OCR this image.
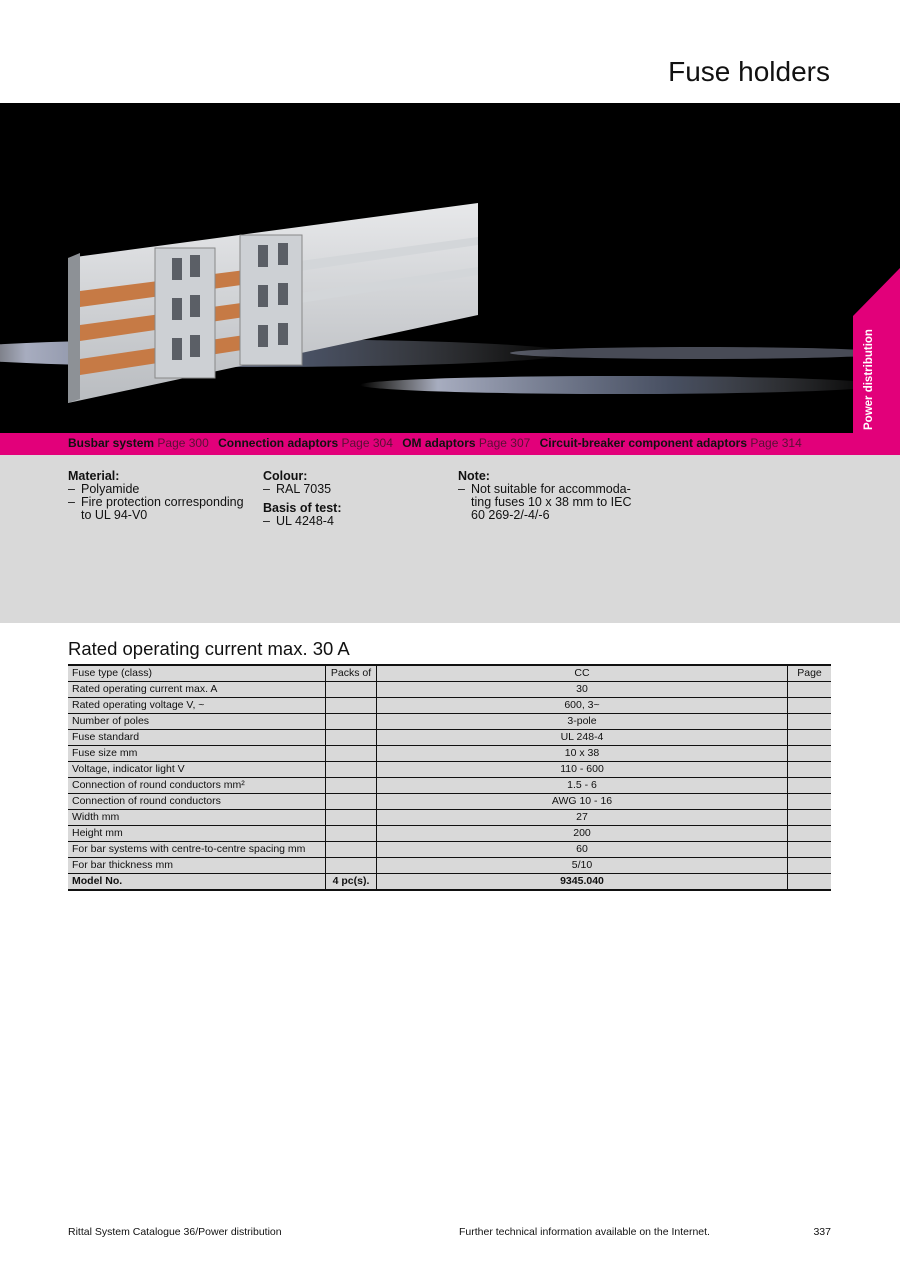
Fuse holders
Power distribution
Busbar system Page 300 Connection adaptors Page 304 OM adaptors Page 307 Circuit-breaker component adaptors Page 314
Material:
– Polyamide
– Fire protection corresponding to UL 94-V0
Colour:
– RAL 7035
Basis of test:
– UL 4248-4
Note:
– Not suitable for accommoda-ting fuses 10 x 38 mm to IEC 60 269-2/-4/-6
Rated operating current max. 30 A
Fuse type (class)	Packs of	CC	Page
Rated operating current max. A		30	
Rated operating voltage V, ~		600, 3~	
Number of poles		3-pole	
Fuse standard		UL 248-4	
Fuse size mm		10 x 38	
Voltage, indicator light V		110 - 600	
Connection of round conductors mm²		1.5 - 6	
Connection of round conductors		AWG 10 - 16	
Width mm		27	
Height mm		200	
For bar systems with centre-to-centre spacing mm		60	
For bar thickness mm		5/10	
Model No.	4 pc(s).	9345.040	
Rittal System Catalogue 36/Power distribution	Further technical information available on the Internet.	337
